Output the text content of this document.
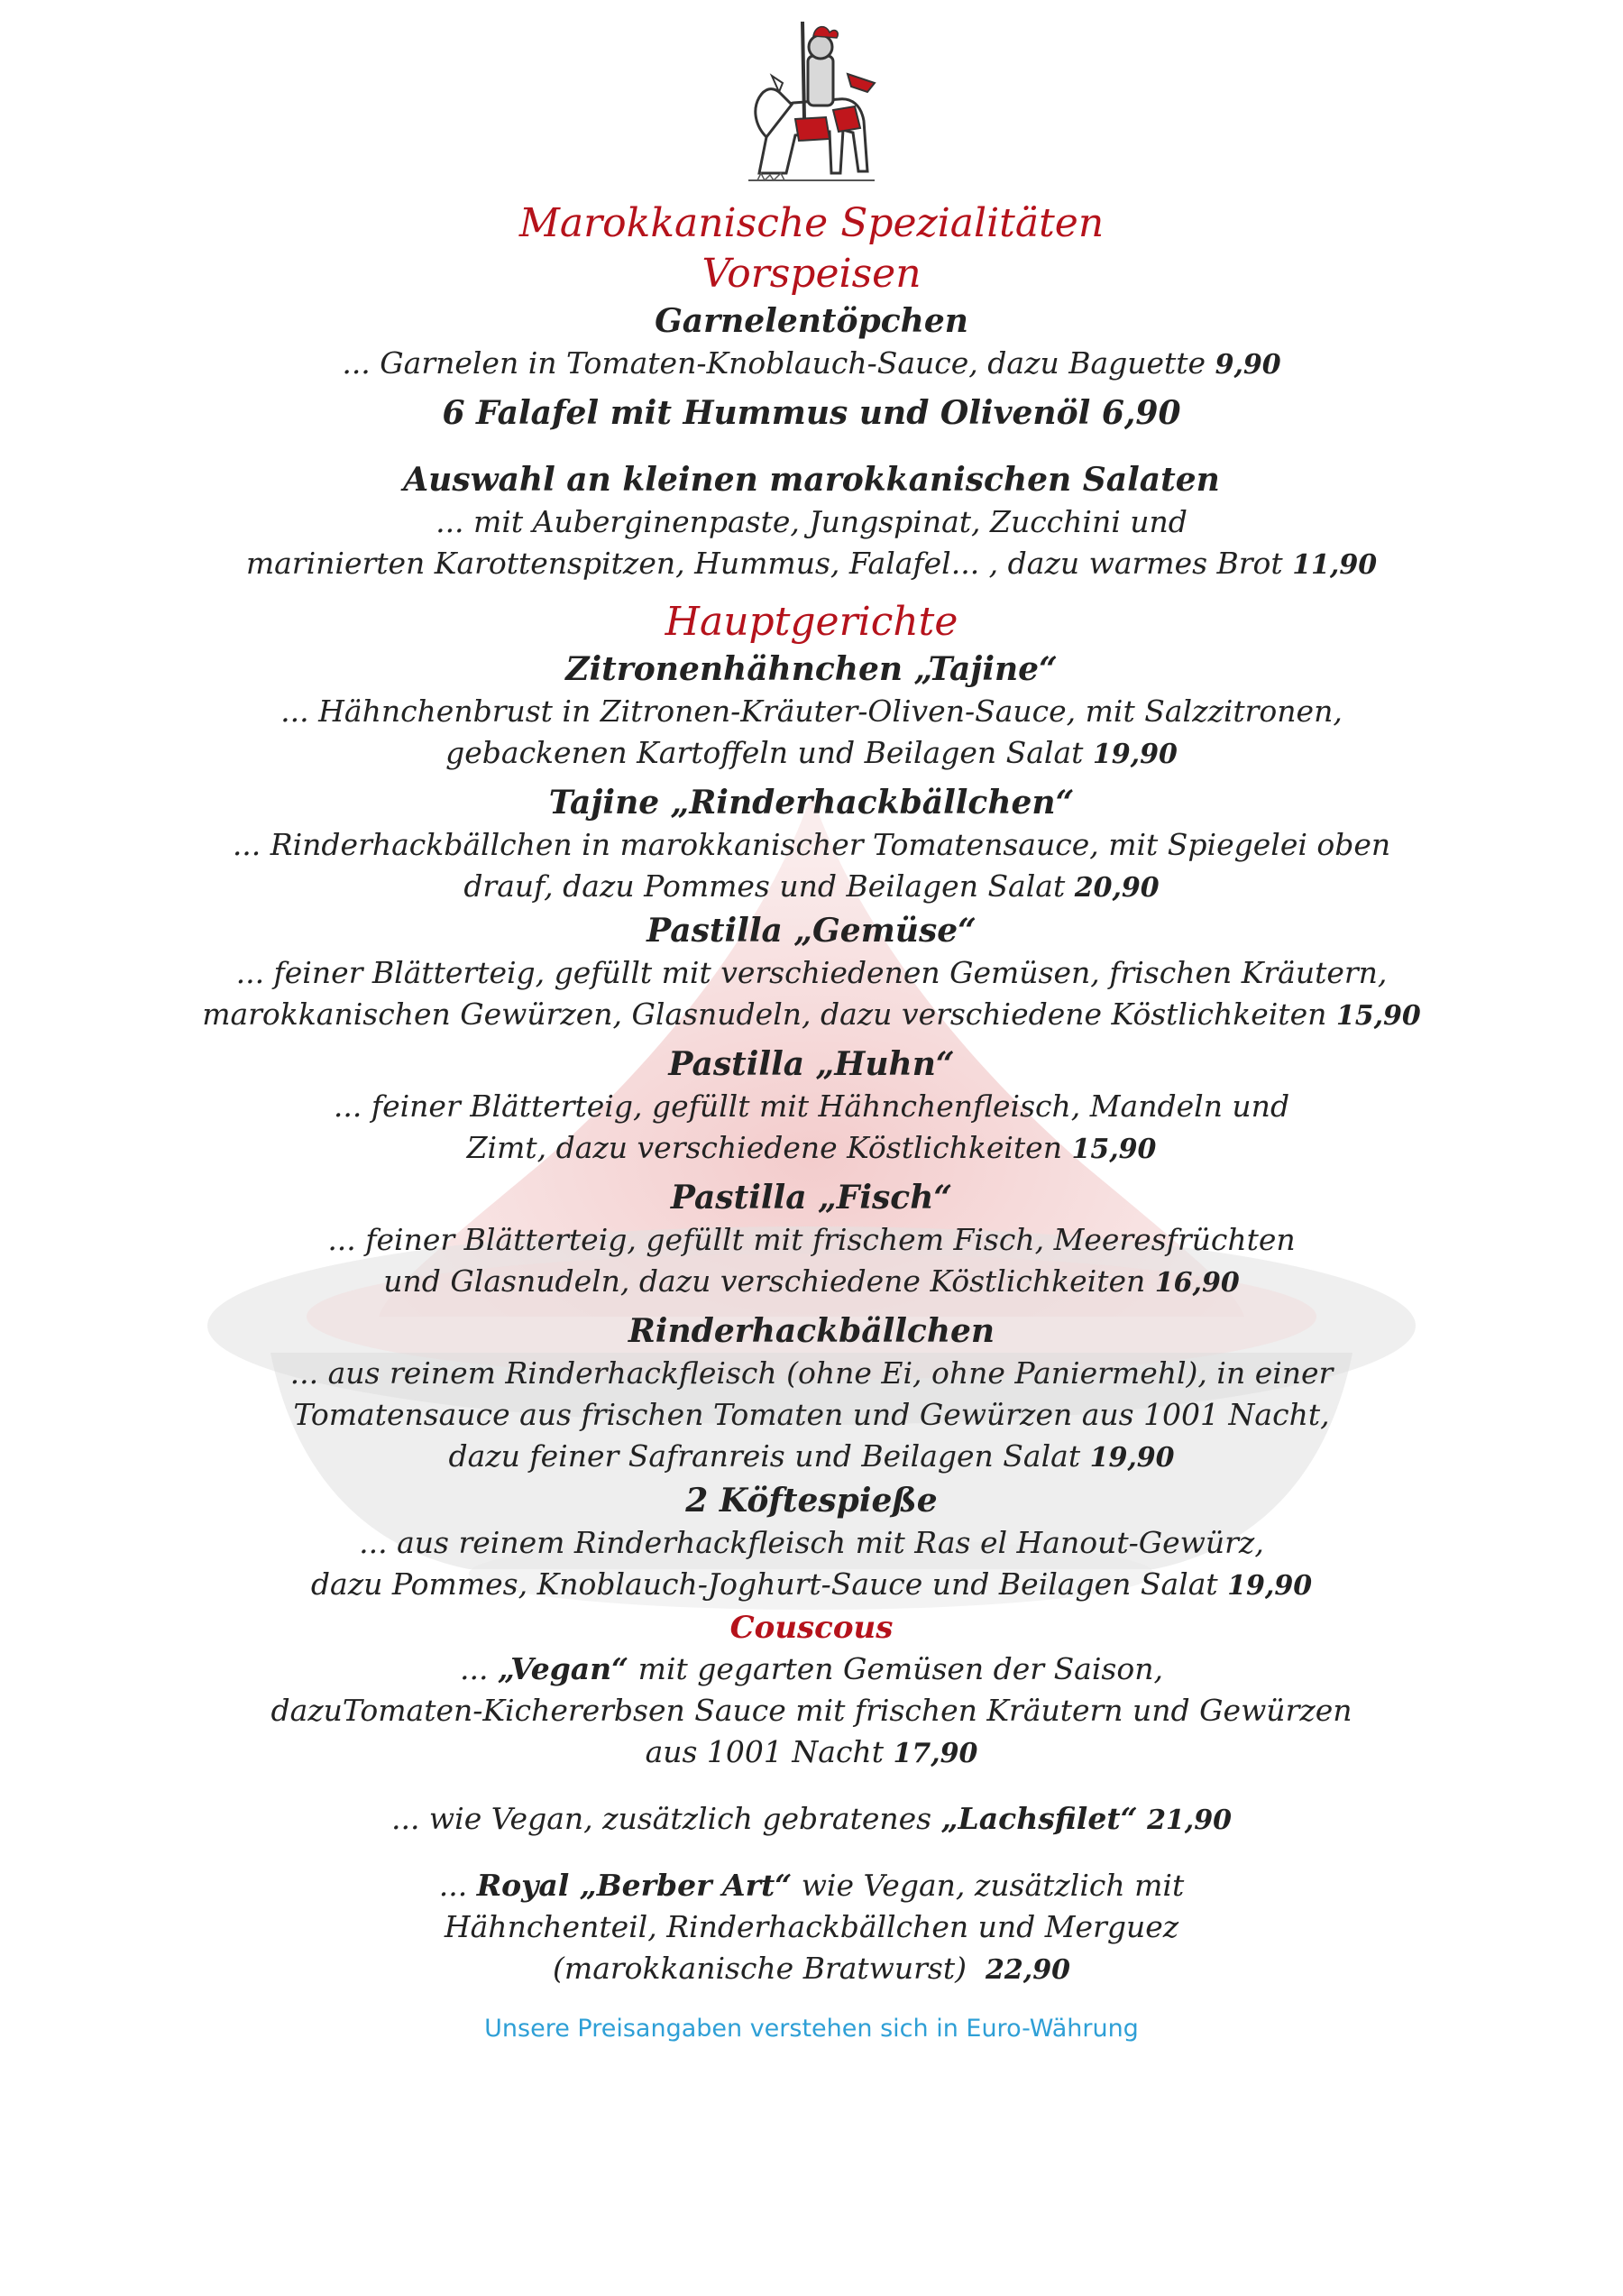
Marokkanische Spezialitäten

Vorspeisen

Garnelentöpchen

... Garnelen in Tomaten-Knoblauch-Sauce, dazu Baguette 9,90

6 Falafel mit Hummus und Olivenöl 6,90

Auswahl an kleinen marokkanischen Salaten

... mit Auberginenpaste, Jungspinat, Zucchini und

marinierten Karottenspitzen, Hummus, Falafel... , dazu warmes Brot 11,90

Hauptgerichte

Zitronenhähnchen „Tajine“

... Hähnchenbrust in Zitronen-Kräuter-Oliven-Sauce, mit Salzzitronen,

gebackenen Kartoffeln und Beilagen Salat 19,90

Tajine „Rinderhackbällchen“

... Rinderhackbällchen in marokkanischer Tomatensauce, mit Spiegelei oben

drauf, dazu Pommes und Beilagen Salat 20,90

Pastilla „Gemüse“

... feiner Blätterteig, gefüllt mit verschiedenen Gemüsen, frischen Kräutern,

marokkanischen Gewürzen, Glasnudeln, dazu verschiedene Köstlichkeiten 15,90

Pastilla „Huhn“

... feiner Blätterteig, gefüllt mit Hähnchenfleisch, Mandeln und

Zimt, dazu verschiedene Köstlichkeiten 15,90

Pastilla „Fisch“

... feiner Blätterteig, gefüllt mit frischem Fisch, Meeresfrüchten

und Glasnudeln, dazu verschiedene Köstlichkeiten 16,90

Rinderhackbällchen

... aus reinem Rinderhackfleisch (ohne Ei, ohne Paniermehl), in einer

Tomatensauce aus frischen Tomaten und Gewürzen aus 1001 Nacht,

dazu feiner Safranreis und Beilagen Salat 19,90

2 Köftespieße

... aus reinem Rinderhackfleisch mit Ras el Hanout-Gewürz,

dazu Pommes, Knoblauch-Joghurt-Sauce und Beilagen Salat 19,90

Couscous

... „Vegan“ mit gegarten Gemüsen der Saison,

dazuTomaten-Kichererbsen Sauce mit frischen Kräutern und Gewürzen

aus 1001 Nacht 17,90

... wie Vegan, zusätzlich gebratenes „Lachsfilet“ 21,90

... Royal „Berber Art“ wie Vegan, zusätzlich mit

Hähnchenteil, Rinderhackbällchen und Merguez

(marokkanische Bratwurst) 22,90

Unsere Preisangaben verstehen sich in Euro-Währung
